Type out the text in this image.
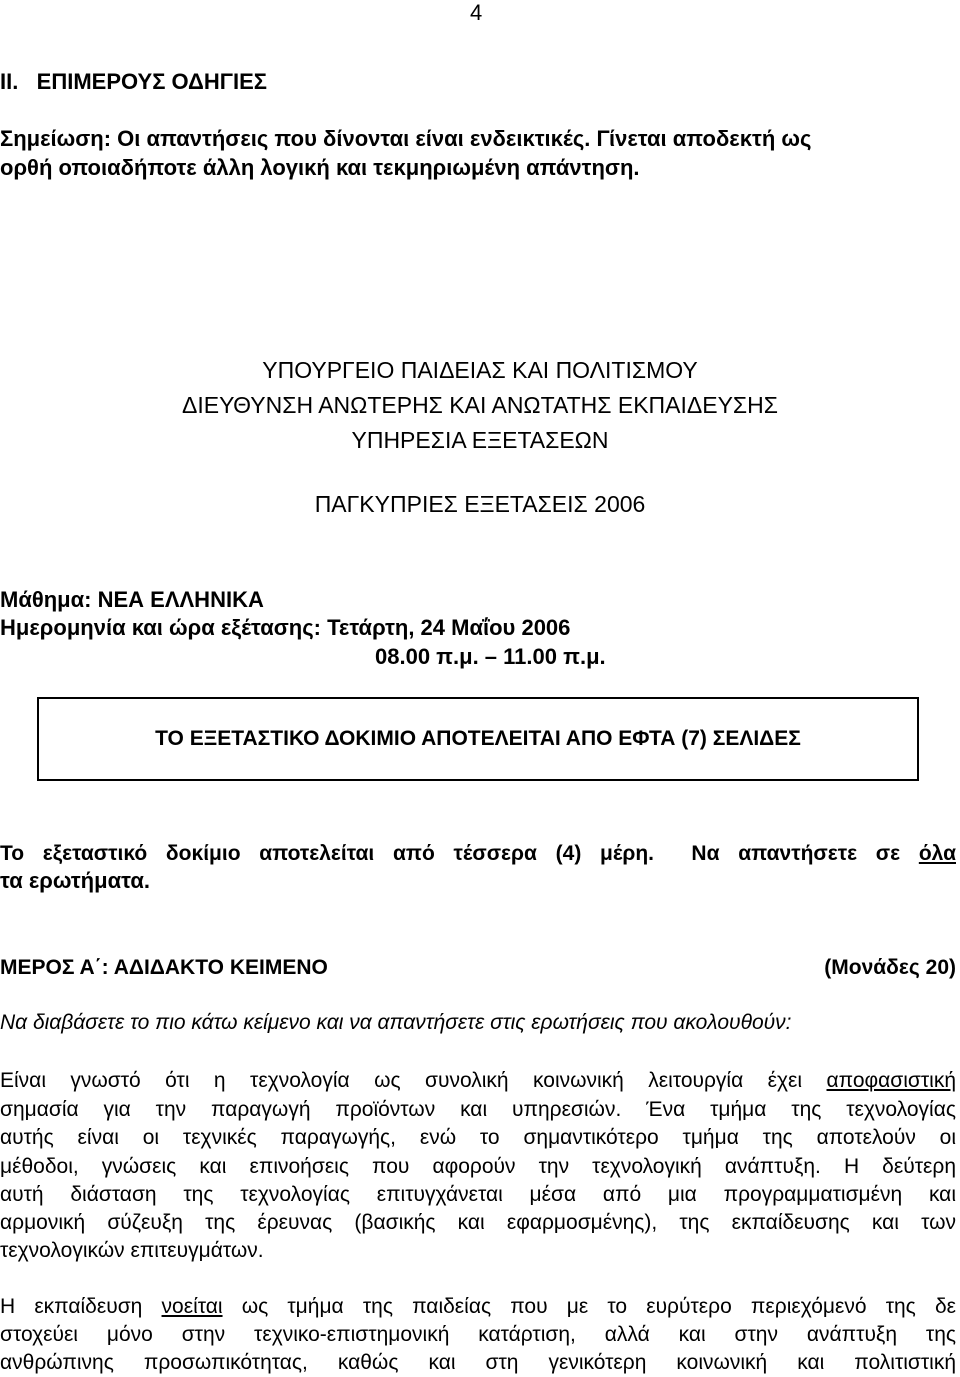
4
II.   ΕΠΙΜΕΡΟΥΣ ΟΔΗΓΙΕΣ
Σημείωση: Οι απαντήσεις που δίνονται είναι ενδεικτικές. Γίνεται αποδεκτή ως
ορθή οποιαδήποτε άλλη λογική και τεκμηριωμένη απάντηση.
ΥΠΟΥΡΓΕΙΟ ΠΑΙΔΕΙΑΣ ΚΑΙ ΠΟΛΙΤΙΣΜΟΥ
ΔΙΕΥΘΥΝΣΗ ΑΝΩΤΕΡΗΣ ΚΑΙ ΑΝΩΤΑΤΗΣ ΕΚΠΑΙΔΕΥΣΗΣ
ΥΠΗΡΕΣΙΑ ΕΞΕΤΑΣΕΩΝ
ΠΑΓΚΥΠΡΙΕΣ ΕΞΕΤΑΣΕΙΣ 2006
Μάθημα: ΝΕΑ ΕΛΛΗΝΙΚΑ
Ημερομηνία και ώρα εξέτασης: Τετάρτη, 24 Μαΐου 2006
08.00 π.μ. – 11.00 π.μ.
ΤΟ ΕΞΕΤΑΣΤΙΚΟ ΔΟΚΙΜΙΟ ΑΠΟΤΕΛΕΙΤΑΙ ΑΠΟ ΕΦΤΑ (7) ΣΕΛΙΔΕΣ
Το εξεταστικό δοκίμιο αποτελείται από τέσσερα (4) μέρη.  Να απαντήσετε σε όλα
τα ερωτήματα.
ΜΕΡΟΣ Α΄: ΑΔΙΔΑΚΤΟ ΚΕΙΜΕΝΟ	(Μονάδες 20)
Να διαβάσετε το πιο κάτω κείμενο και να απαντήσετε στις ερωτήσεις που ακολουθούν:
Είναι γνωστό ότι η τεχνολογία ως συνολική κοινωνική λειτουργία έχει αποφασιστική
σημασία για την παραγωγή προϊόντων και υπηρεσιών. Ένα τμήμα της τεχνολογίας
αυτής είναι οι τεχνικές παραγωγής, ενώ το σημαντικότερο τμήμα της αποτελούν οι
μέθοδοι, γνώσεις και επινοήσεις που αφορούν την τεχνολογική ανάπτυξη. Η δεύτερη
αυτή διάσταση της τεχνολογίας επιτυγχάνεται μέσα από μια προγραμματισμένη και
αρμονική σύζευξη της έρευνας (βασικής και εφαρμοσμένης), της εκπαίδευσης και των
τεχνολογικών επιτευγμάτων.
Η εκπαίδευση νοείται ως τμήμα της παιδείας που με το ευρύτερο περιεχόμενό της δε
στοχεύει μόνο στην τεχνικο-επιστημονική κατάρτιση, αλλά και στην ανάπτυξη της
ανθρώπινης προσωπικότητας, καθώς και στη γενικότερη κοινωνική και πολιτιστική
